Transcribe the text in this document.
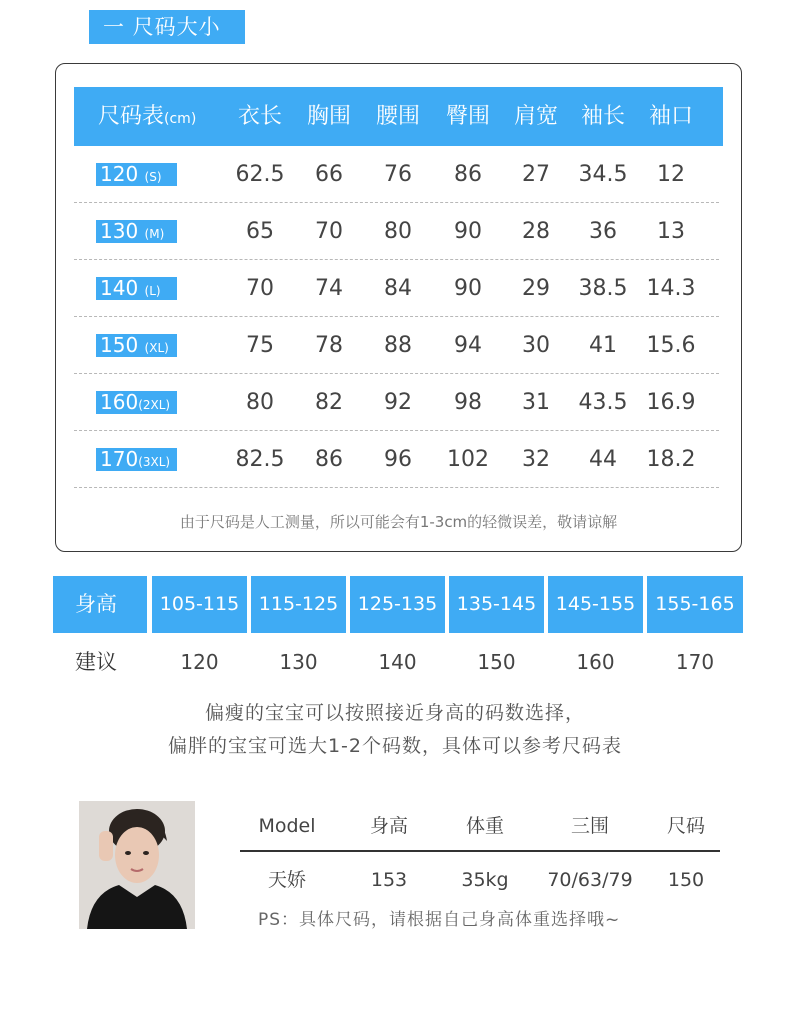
一 尺码大小
尺码表(cm)	衣长	胸围	腰围	臀围	肩宽	袖长	袖口
120 (S)	62.5	66	76	86	27	34.5	12
130 (M)	65	70	80	90	28	36	13
140 (L)	70	74	84	90	29	38.5 14.3
150 (XL)	75	78	88	94	30	41	15.6
160(2XL)	80	82	92	98	31	43.5 16.9
170(3XL)	82.5	86	96	102	32	44	18.2
由于尺码是人工测量，所以可能会有1-3cm的轻微误差，敬请谅解
身高	105-115	115-125	125-135	135-145	145-155	155-165
建议	120	130	140	150	160	170
偏瘦的宝宝可以按照接近身高的码数选择，
偏胖的宝宝可选大1-2个码数，具体可以参考尺码表
Model	身高	体重	三围	尺码
天娇	153	35kg	70/63/79	150
PS：具体尺码，请根据自己身高体重选择哦~
